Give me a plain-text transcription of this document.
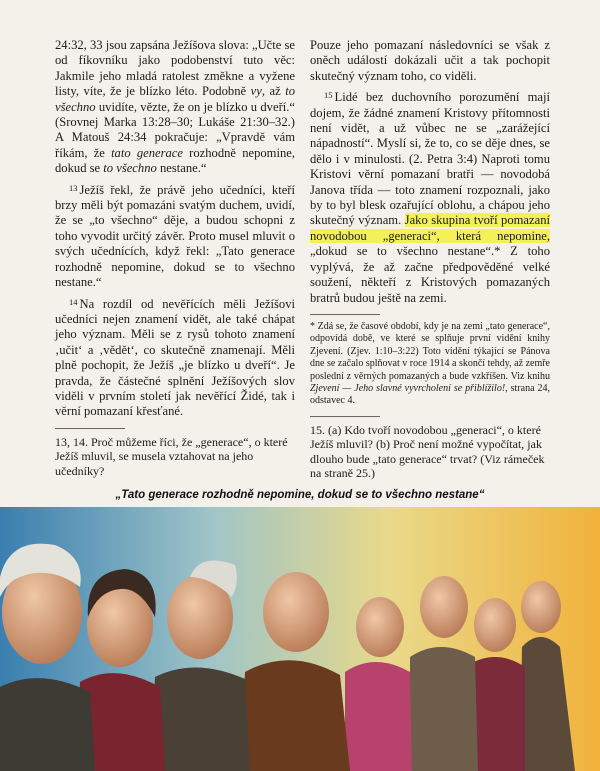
24:32, 33 jsou zapsána Ježíšova slova: „Učte se od fíkovníku jako podobenství tuto věc: Jakmile jeho mladá ratolest změkne a vyžene listy, víte, že je blízko léto. Podobně vy, až to všechno uvidíte, vězte, že on je blízko u dveří.“ (Srovnej Marka 13:28–30; Lukáše 21:30–32.) A Matouš 24:34 pokračuje: „Vpravdě vám říkám, že tato generace rozhodně nepomine, dokud se to všechno nestane.“

$^{13}$ Ježíš řekl, že právě jeho učedníci, kteří brzy měli být pomazáni svatým duchem, uvidí, že se „to všechno“ děje, a budou schopni z toho vyvodit určitý závěr. Proto musel mluvit o svých učednících, když řekl: „Tato generace rozhodně nepomine, dokud se to všechno nestane.“

$^{14}$ Na rozdíl od nevěřících měli Ježíšovi učedníci nejen znamení vidět, ale také chápat jeho význam. Měli se z rysů tohoto znamení ‚učit‘ a ‚vědět‘, co skutečně znamenají. Měli plně pochopit, že Ježíš „je blízko u dveří“. Je pravda, že částečné splnění Ježíšových slov viděli v prvním století jak nevěřící Židé, tak i věrní pomazaní křesťané.

13, 14. Proč můžeme říci, že „generace“, o které Ježíš mluvil, se musela vztahovat na jeho učedníky?

Pouze jeho pomazaní následovníci se však z oněch událostí dokázali učit a tak pochopit skutečný význam toho, co viděli.

$^{15}$ Lidé bez duchovního porozumění mají dojem, že žádné znamení Kristovy přítomnosti není vidět, a už vůbec ne se „zarážející nápadností“. Myslí si, že to, co se děje dnes, se dělo i v minulosti. (2. Petra 3:4) Naproti tomu Kristovi věrní pomazaní bratři — novodobá Janova třída — toto znamení rozpoznali, jako by to byl blesk ozařující oblohu, a chápou jeho skutečný význam. Jako skupina tvoří pomazaní novodobou „generaci“, která nepomine, „dokud se to všechno nestane“.* Z toho vyplývá, že až začne předpověděné velké soužení, někteří z Kristových pomazaných bratrů budou ještě na zemi.

* Zdá se, že časové období, kdy je na zemi „tato generace“, odpovídá době, ve které se splňuje první vidění knihy Zjevení. (Zjev. 1:10–3:22) Toto vidění týkající se Pánova dne se začalo splňovat v roce 1914 a skončí tehdy, až zemře poslední z věrných pomazaných a bude vzkříšen. Viz knihu Zjevení — Jeho slavné vyvrcholení se přiblížilo!, strana 24, odstavec 4.

15. (a) Kdo tvoří novodobou „generaci“, o které Ježíš mluvil? (b) Proč není možné vypočítat, jak dlouho bude „tato generace“ trvat? (Viz rámeček na straně 25.)

„Tato generace rozhodně nepomine, dokud se to všechno nestane“
